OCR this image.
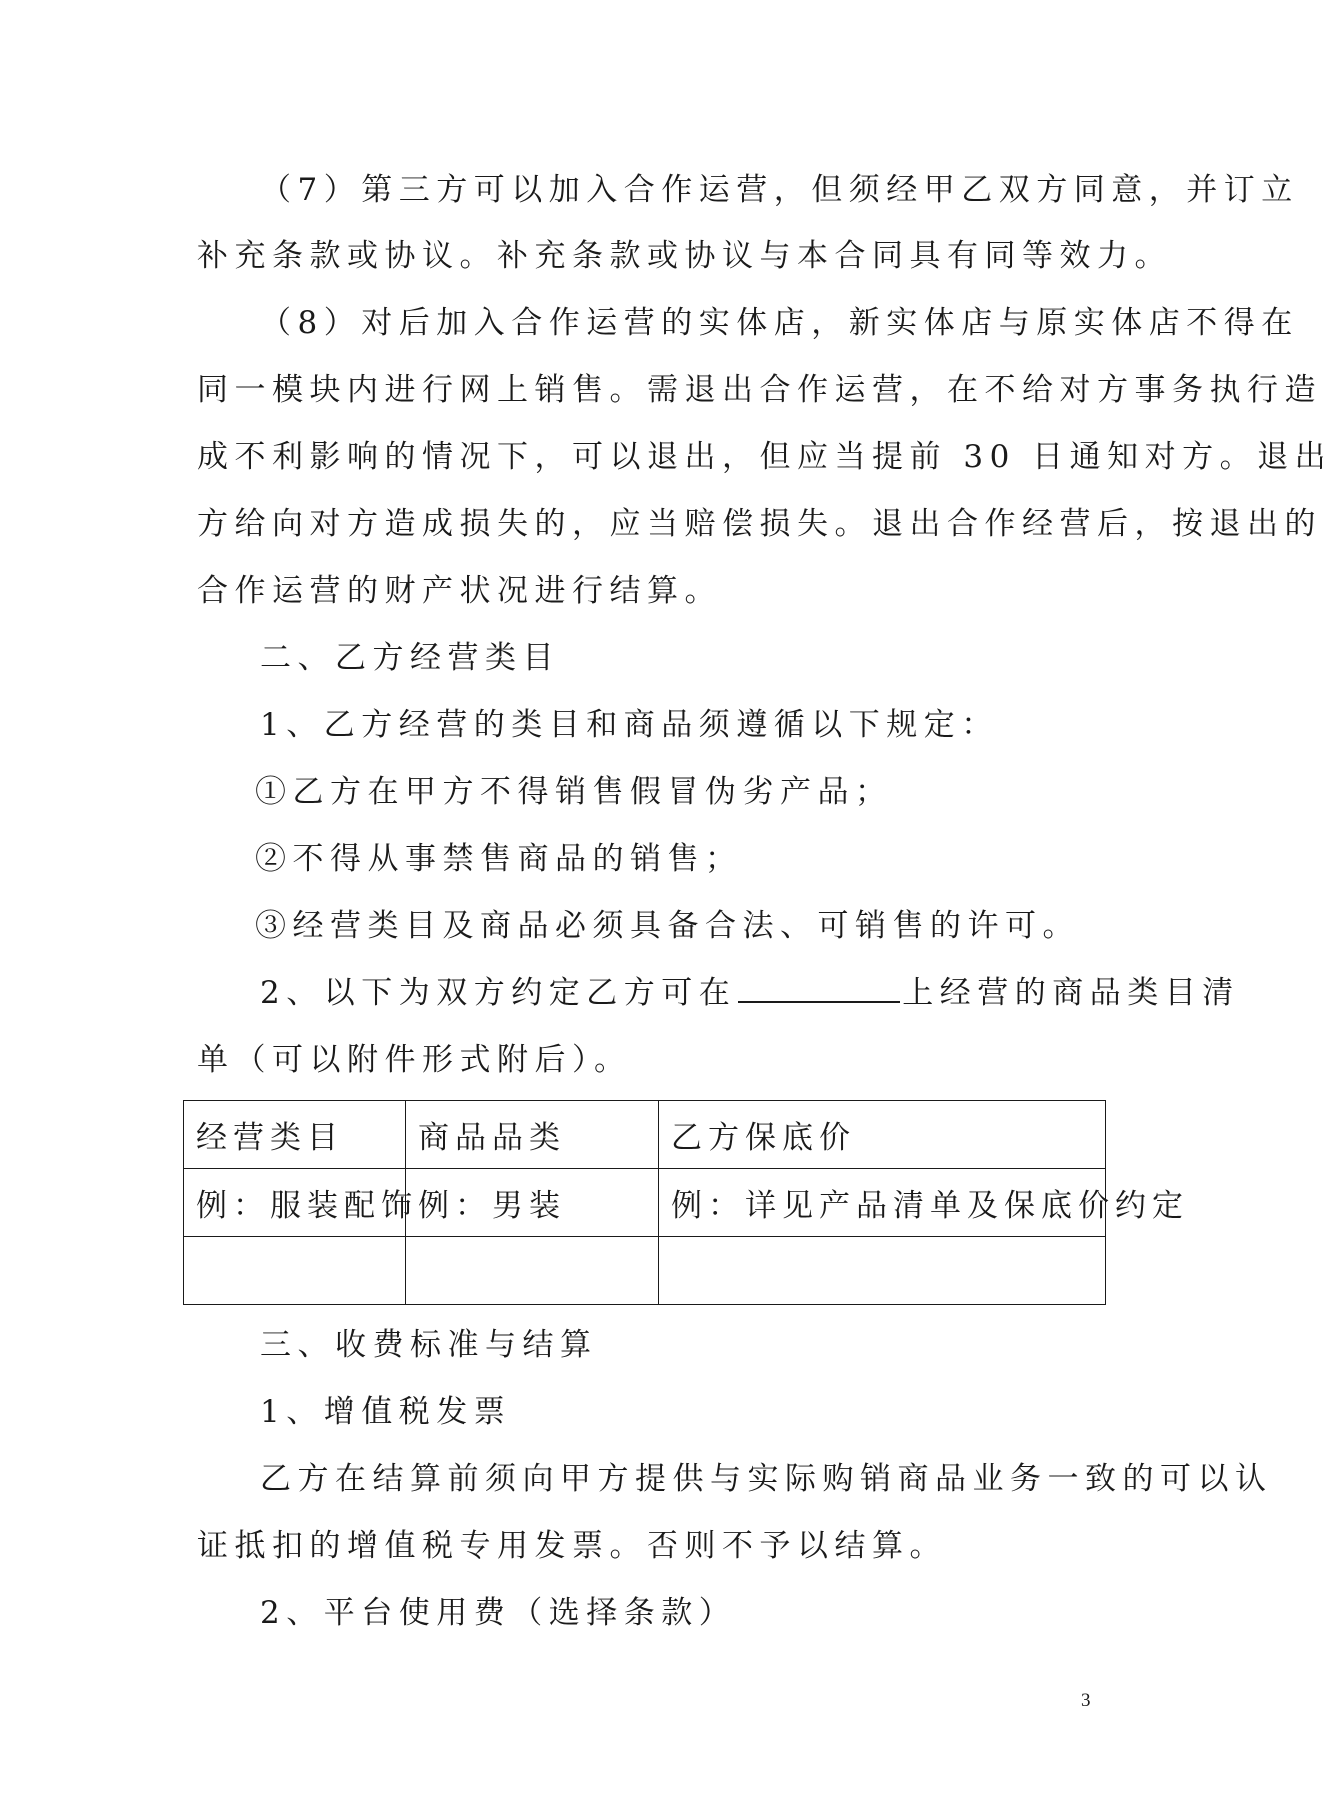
（7）第三方可以加入合作运营，但须经甲乙双方同意，并订立
补充条款或协议。补充条款或协议与本合同具有同等效力。
（8）对后加入合作运营的实体店，新实体店与原实体店不得在
同一模块内进行网上销售。需退出合作运营，在不给对方事务执行造
成不利影响的情况下，可以退出，但应当提前 30 日通知对方。退出
方给向对方造成损失的，应当赔偿损失。退出合作经营后，按退出的
合作运营的财产状况进行结算。
二、乙方经营类目
1、乙方经营的类目和商品须遵循以下规定：
①乙方在甲方不得销售假冒伪劣产品；
②不得从事禁售商品的销售；
③经营类目及商品必须具备合法、可销售的许可。
2、以下为双方约定乙方可在	上经营的商品类目清
单（可以附件形式附后）。
经营类目	商品品类	乙方保底价
例：服装配饰	例：男装	例：详见产品清单及保底价约定

三、收费标准与结算
1、增值税发票
乙方在结算前须向甲方提供与实际购销商品业务一致的可以认
证抵扣的增值税专用发票。否则不予以结算。
2、平台使用费（选择条款）
3
